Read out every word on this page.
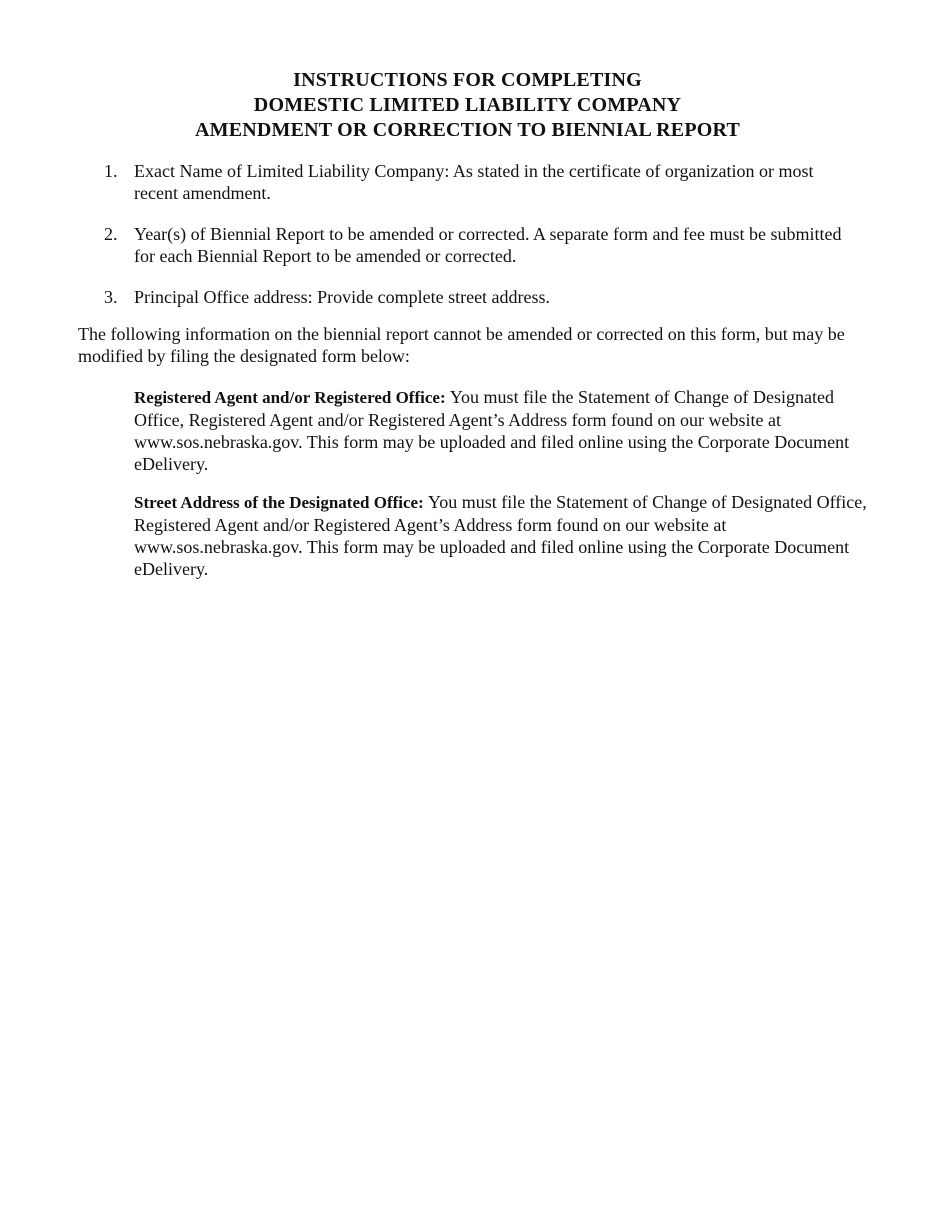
INSTRUCTIONS FOR COMPLETING
DOMESTIC LIMITED LIABILITY COMPANY
AMENDMENT OR CORRECTION TO BIENNIAL REPORT
1. Exact Name of Limited Liability Company: As stated in the certificate of organization or most recent amendment.
2. Year(s) of Biennial Report to be amended or corrected. A separate form and fee must be submitted for each Biennial Report to be amended or corrected.
3. Principal Office address: Provide complete street address.

The following information on the biennial report cannot be amended or corrected on this form, but may be modified by filing the designated form below:

Registered Agent and/or Registered Office: You must file the Statement of Change of Designated Office, Registered Agent and/or Registered Agent’s Address form found on our website at www.sos.nebraska.gov. This form may be uploaded and filed online using the Corporate Document eDelivery.

Street Address of the Designated Office: You must file the Statement of Change of Designated Office, Registered Agent and/or Registered Agent’s Address form found on our website at www.sos.nebraska.gov. This form may be uploaded and filed online using the Corporate Document eDelivery.
